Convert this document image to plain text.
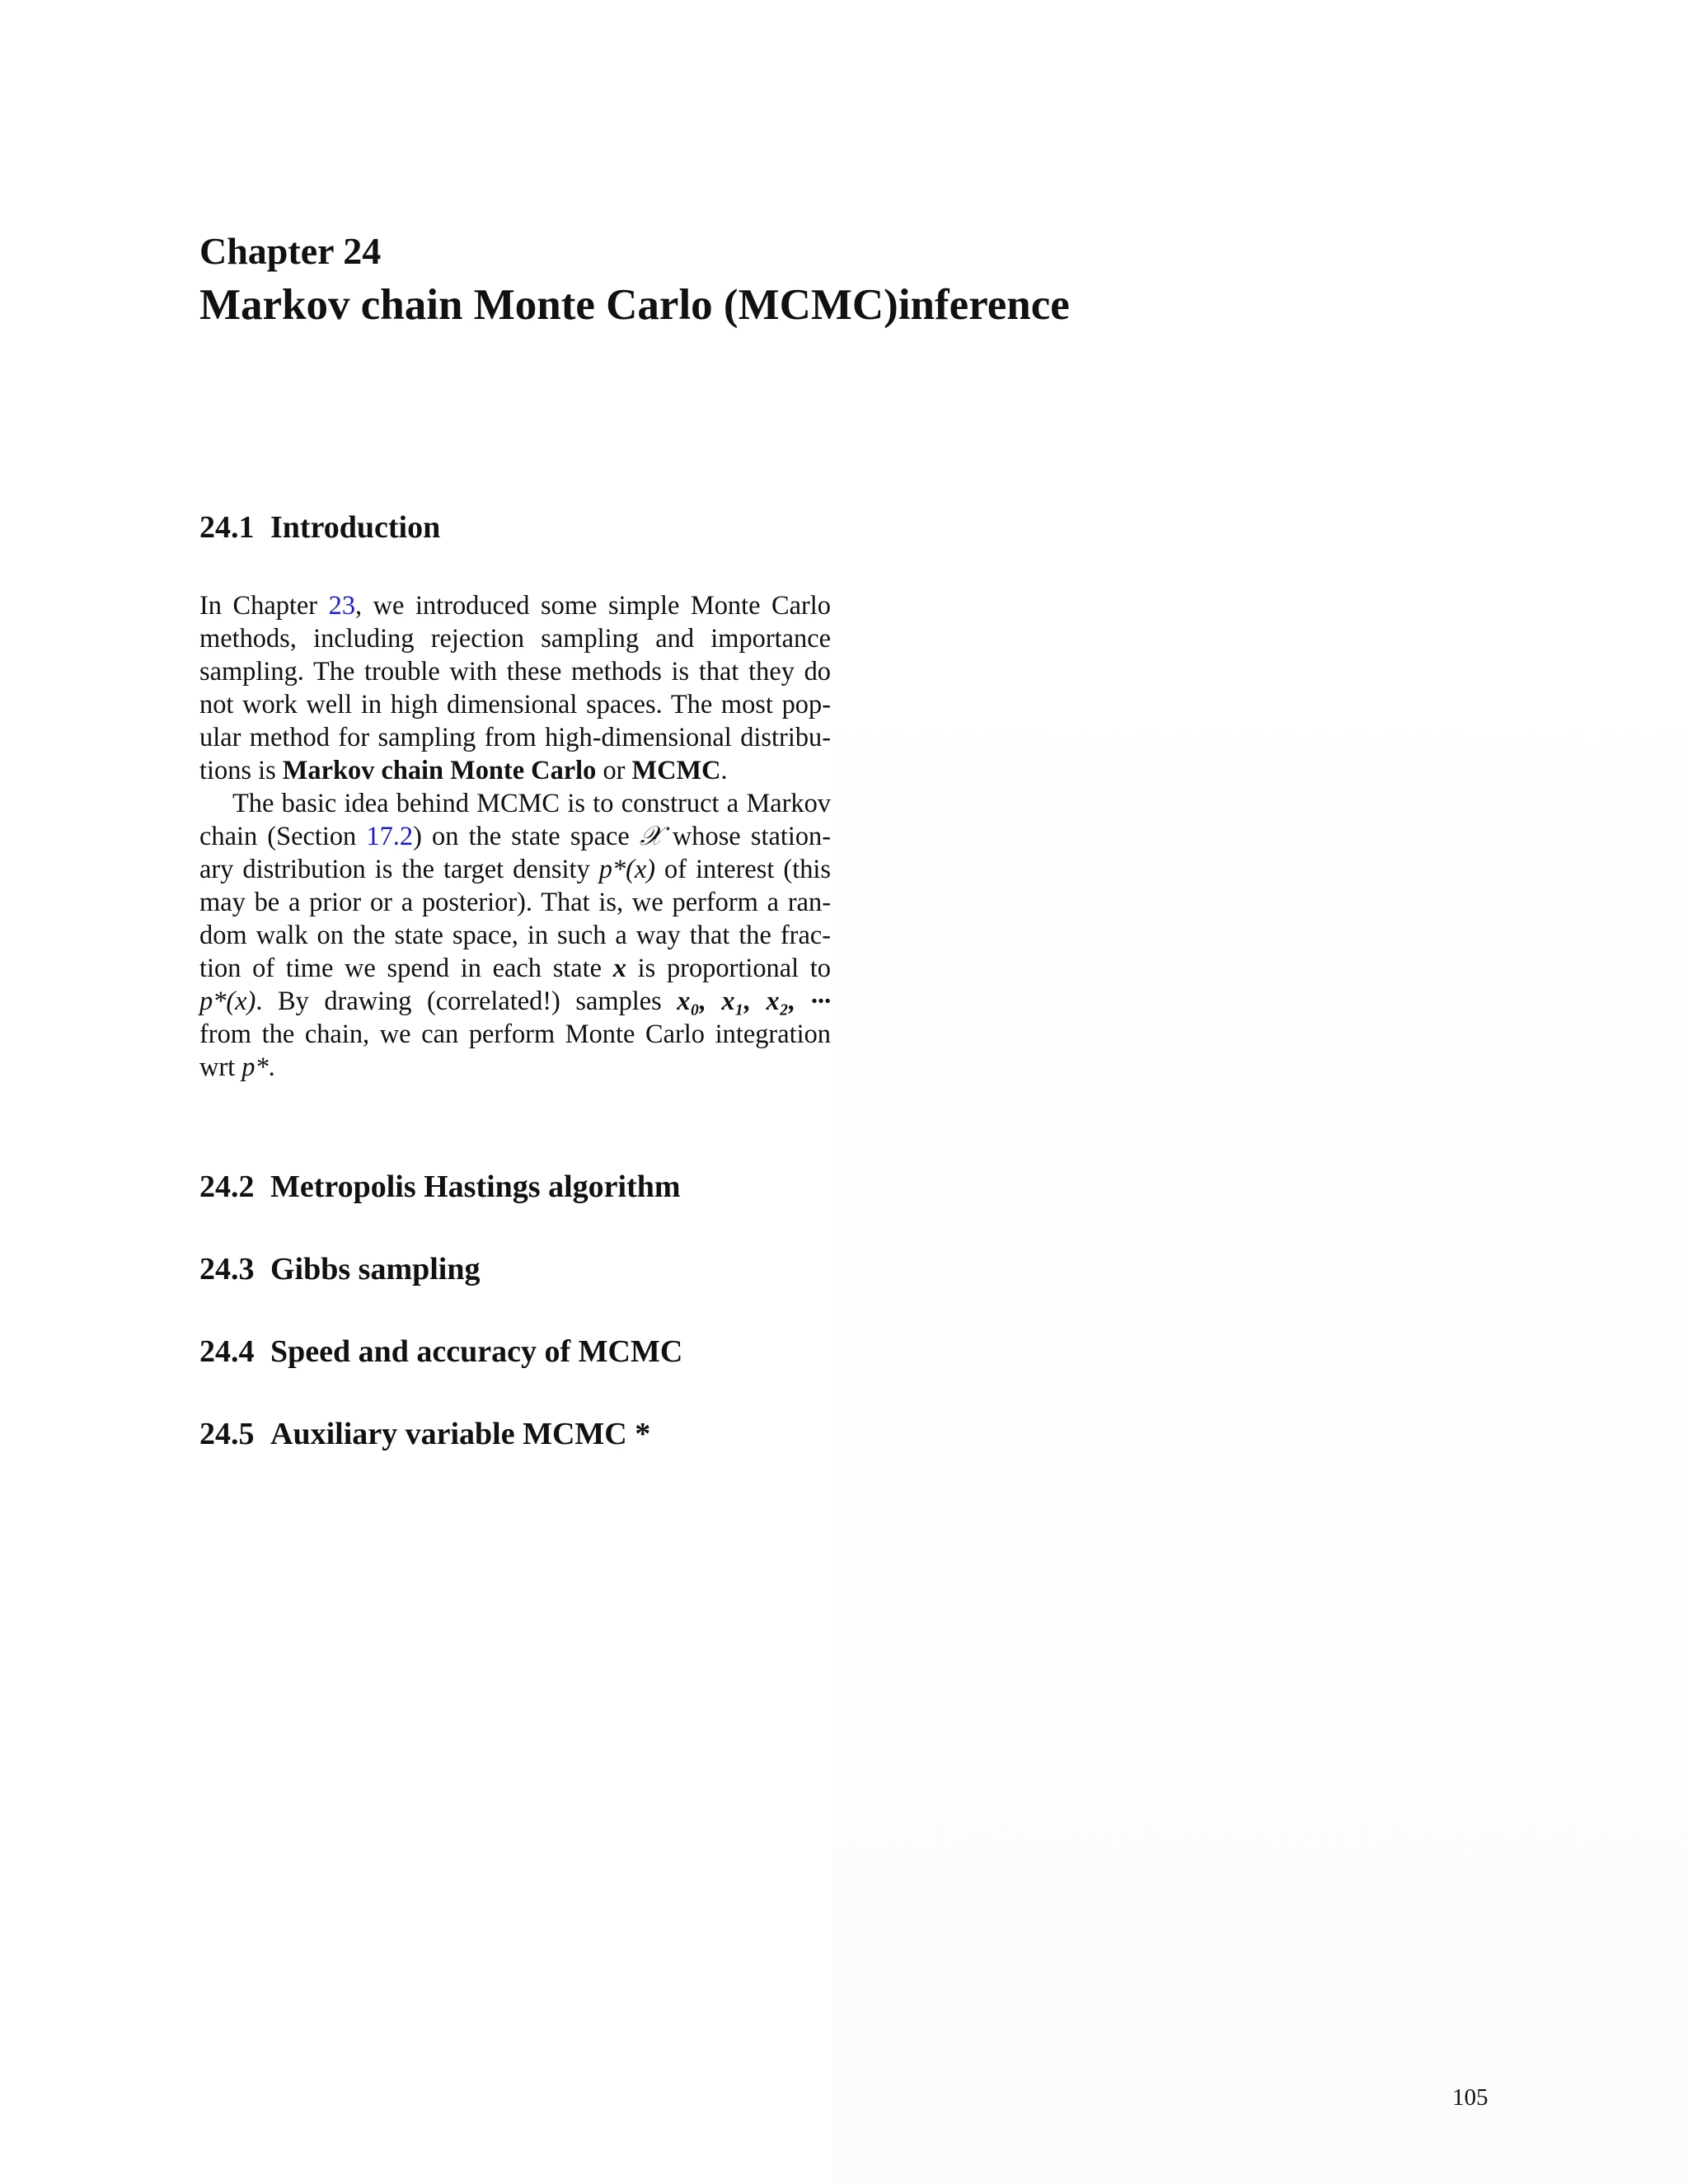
Chapter 24
Markov chain Monte Carlo (MCMC)inference
24.1 Introduction

In Chapter 23, we introduced some simple Monte Carlo
methods, including rejection sampling and importance
sampling. The trouble with these methods is that they do
not work well in high dimensional spaces. The most pop-
ular method for sampling from high-dimensional distribu-
tions is Markov chain Monte Carlo or MCMC.

The basic idea behind MCMC is to construct a Markov
chain (Section 17.2) on the state space 𝒳 whose station-
ary distribution is the target density p*(x) of interest (this
may be a prior or a posterior). That is, we perform a ran-
dom walk on the state space, in such a way that the frac-
tion of time we spend in each state x is proportional to
p*(x). By drawing (correlated!) samples x₀, x₁, x₂, ···
from the chain, we can perform Monte Carlo integration
wrt p*.

24.2 Metropolis Hastings algorithm
24.3 Gibbs sampling
24.4 Speed and accuracy of MCMC
24.5 Auxiliary variable MCMC *
105
